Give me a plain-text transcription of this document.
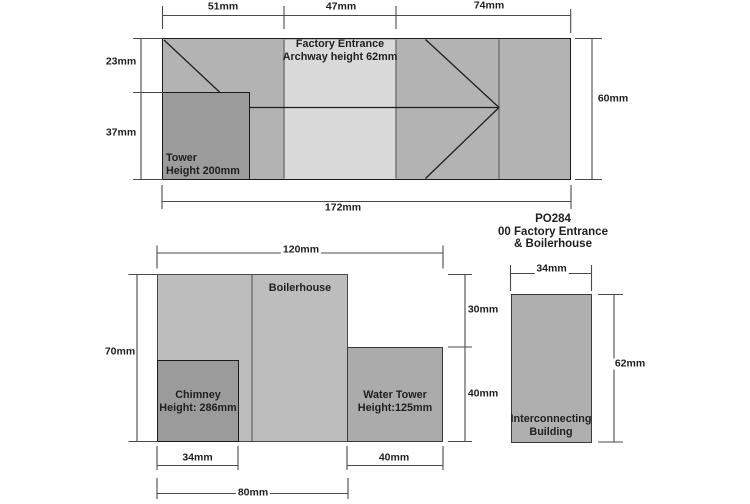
51mm	47mm	74mm
23mm
37mm
60mm
172mm
Factory Entrance
Archway height 62mm
Tower
Height 200mm
PO284
00 Factory Entrance
& Boilerhouse
120mm
70mm
30mm
40mm
34mm	40mm
80mm
Boilerhouse
Chimney
Height: 286mm
Water Tower
Height:125mm
34mm
62mm
Interconnecting
Building
